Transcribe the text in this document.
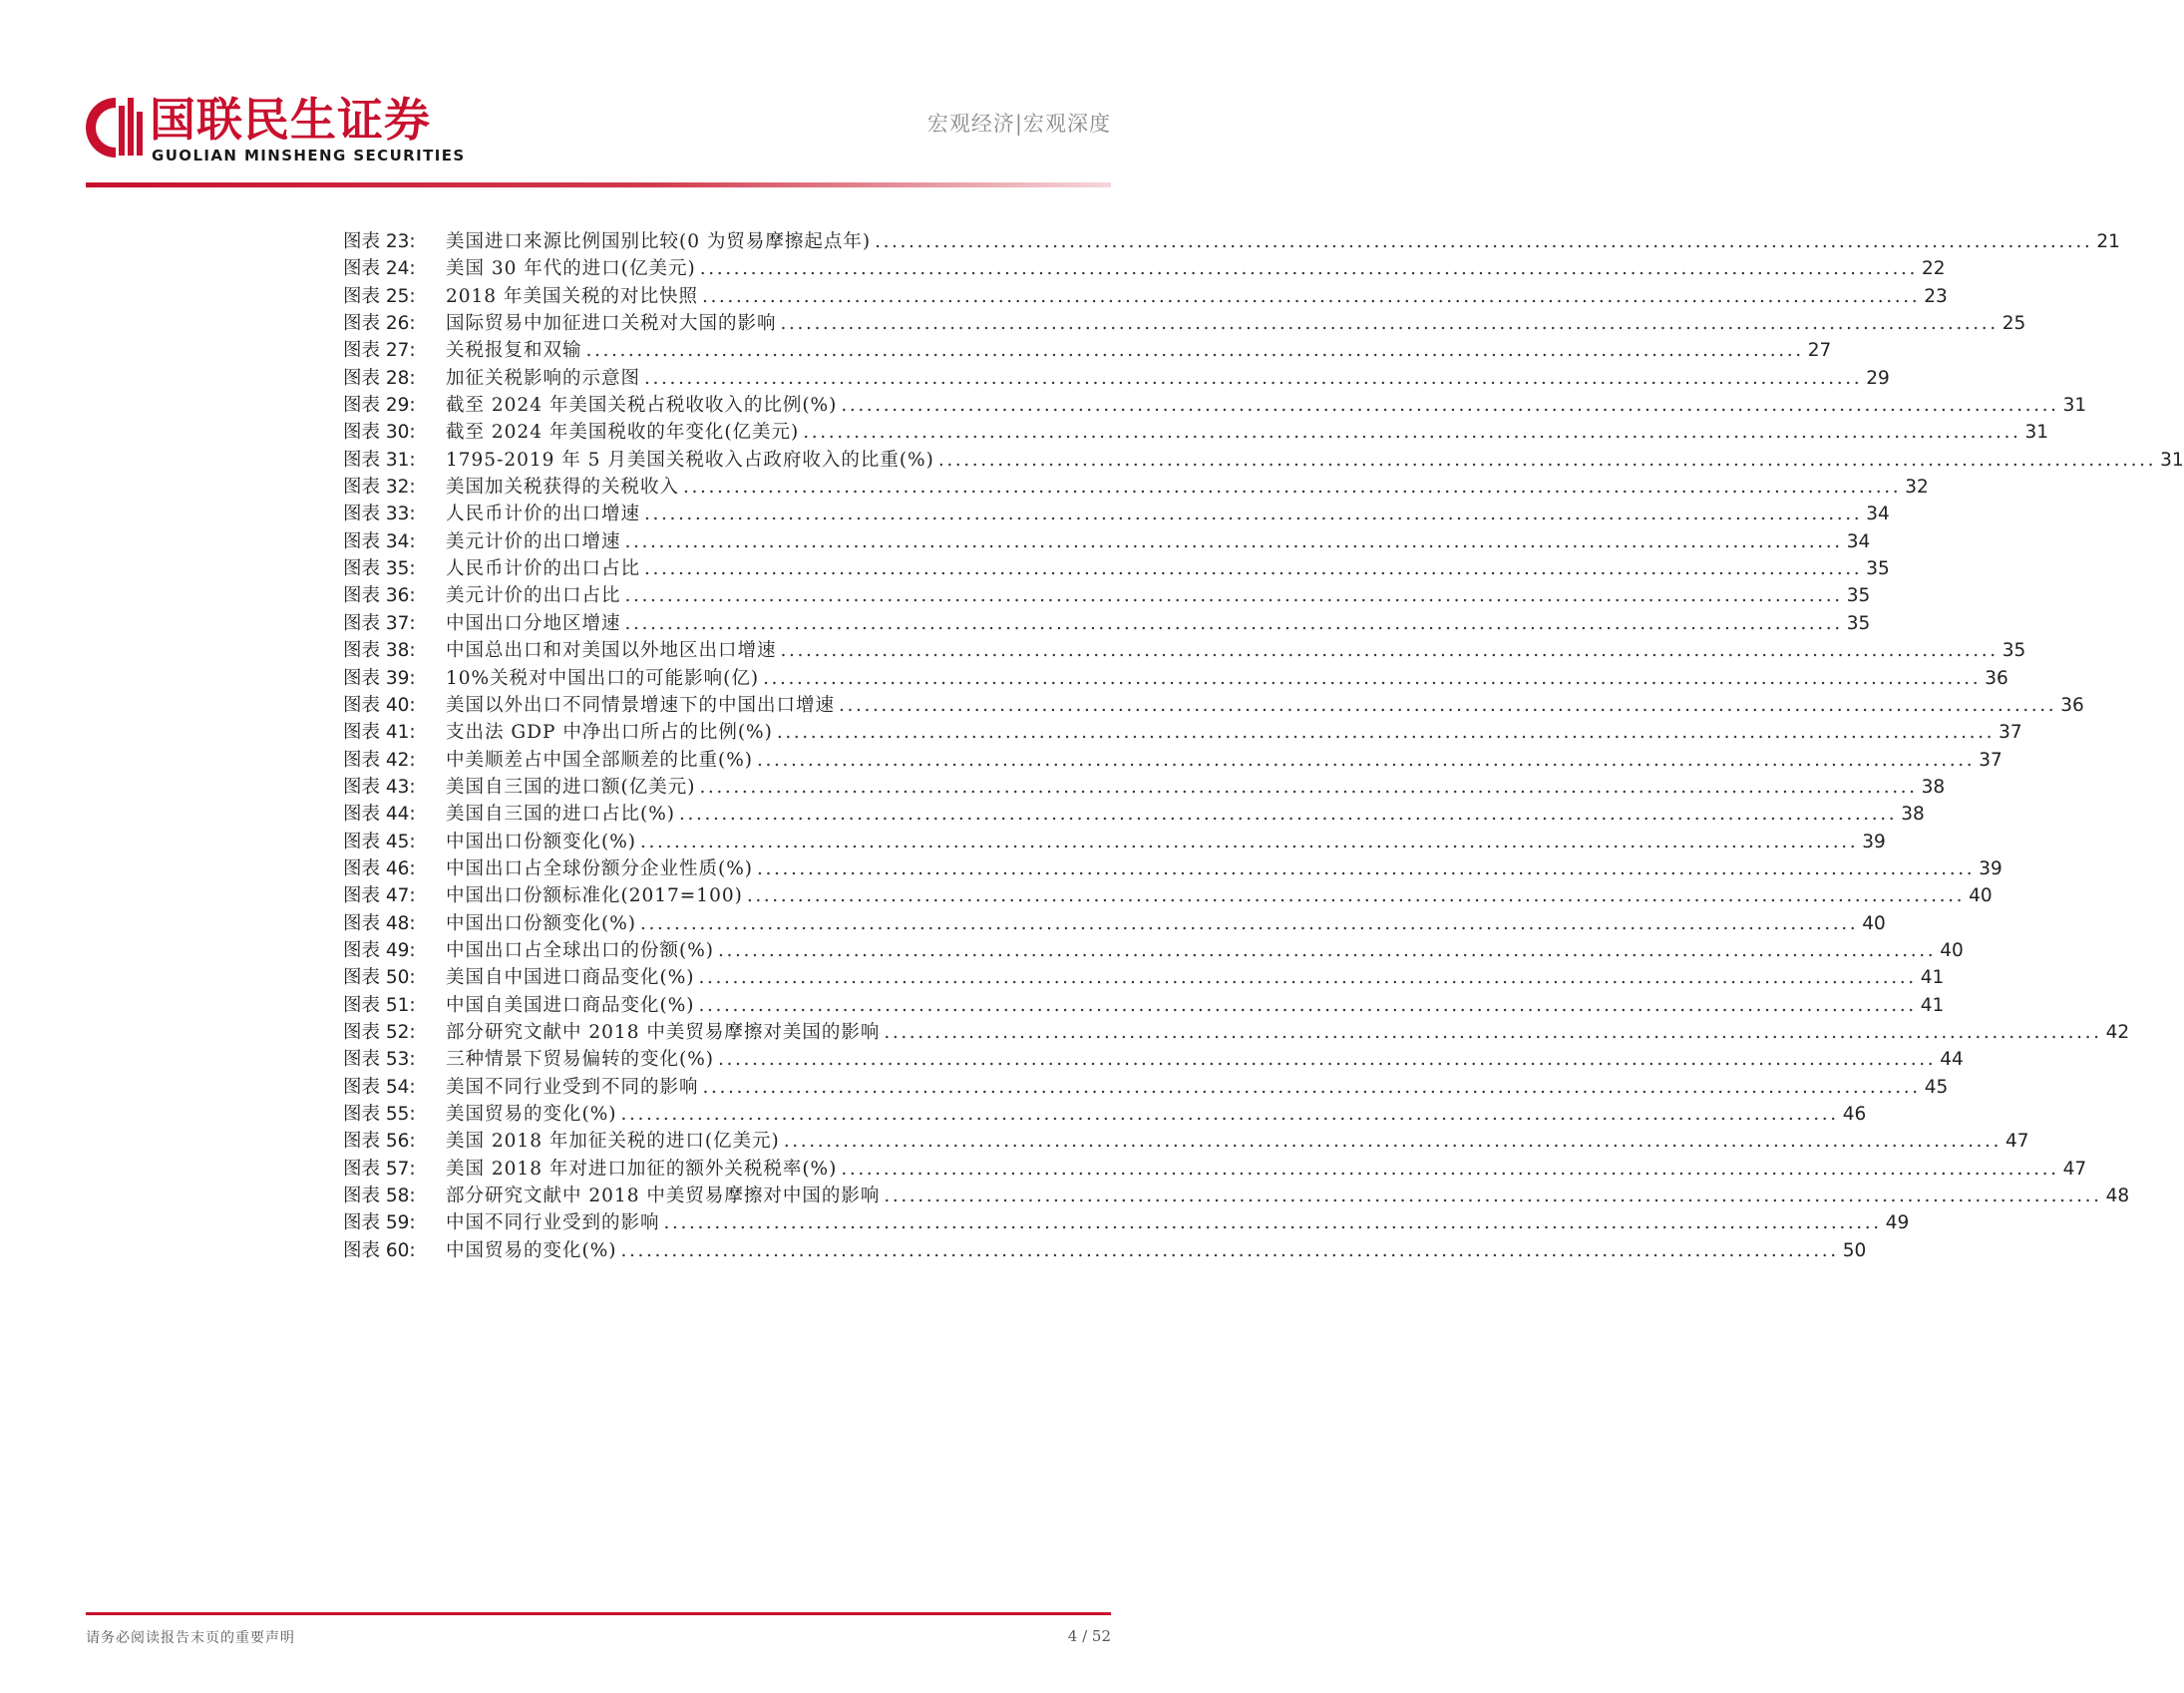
国联民生证券
GUOLIAN MINSHENG SECURITIES
宏观经济|宏观深度
图表 23:	美国进口来源比例国别比较(0 为贸易摩擦起点年) .....	21
图表 24:	美国 30 年代的进口(亿美元) .....	22
图表 25:	2018 年美国关税的对比快照 .....	23
图表 26:	国际贸易中加征进口关税对大国的影响 .....	25
图表 27:	关税报复和双输 .....	27
图表 28:	加征关税影响的示意图 .....	29
图表 29:	截至 2024 年美国关税占税收收入的比例(%) .....	31
图表 30:	截至 2024 年美国税收的年变化(亿美元) .....	31
图表 31:	1795-2019 年 5 月美国关税收入占政府收入的比重(%) .....	31
图表 32:	美国加关税获得的关税收入 .....	32
图表 33:	人民币计价的出口增速 .....	34
图表 34:	美元计价的出口增速 .....	34
图表 35:	人民币计价的出口占比 .....	35
图表 36:	美元计价的出口占比 .....	35
图表 37:	中国出口分地区增速 .....	35
图表 38:	中国总出口和对美国以外地区出口增速 .....	35
图表 39:	10%关税对中国出口的可能影响(亿) .....	36
图表 40:	美国以外出口不同情景增速下的中国出口增速 .....	36
图表 41:	支出法 GDP 中净出口所占的比例(%) .....	37
图表 42:	中美顺差占中国全部顺差的比重(%) .....	37
图表 43:	美国自三国的进口额(亿美元) .....	38
图表 44:	美国自三国的进口占比(%) .....	38
图表 45:	中国出口份额变化(%) .....	39
图表 46:	中国出口占全球份额分企业性质(%) .....	39
图表 47:	中国出口份额标准化(2017=100) .....	40
图表 48:	中国出口份额变化(%) .....	40
图表 49:	中国出口占全球出口的份额(%) .....	40
图表 50:	美国自中国进口商品变化(%) .....	41
图表 51:	中国自美国进口商品变化(%) .....	41
图表 52:	部分研究文献中 2018 中美贸易摩擦对美国的影响 .....	42
图表 53:	三种情景下贸易偏转的变化(%) .....	44
图表 54:	美国不同行业受到不同的影响 .....	45
图表 55:	美国贸易的变化(%) .....	46
图表 56:	美国 2018 年加征关税的进口(亿美元) .....	47
图表 57:	美国 2018 年对进口加征的额外关税税率(%) .....	47
图表 58:	部分研究文献中 2018 中美贸易摩擦对中国的影响 .....	48
图表 59:	中国不同行业受到的影响 .....	49
图表 60:	中国贸易的变化(%) .....	50
请务必阅读报告末页的重要声明	4 / 52
